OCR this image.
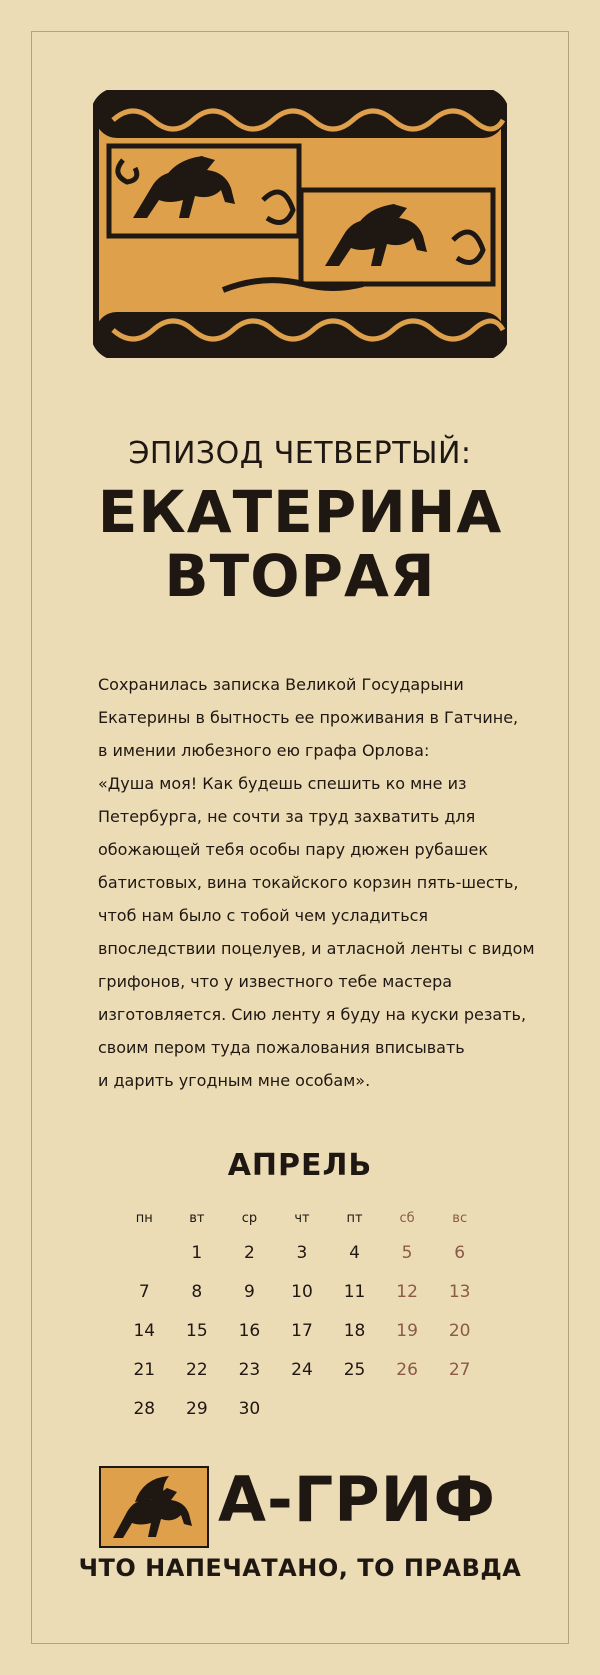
ЭПИЗОД ЧЕТВЕРТЫЙ:
ЕКАТЕРИНА
ВТОРАЯ
Сохранилась записка Великой Государыни
Екатерины в бытность ее проживания в Гатчине,
в имении любезного ею графа Орлова:
«Душа моя! Как будешь спешить ко мне из
Петербурга, не сочти за труд захватить для
обожающей тебя особы пару дюжен рубашек
батистовых, вина токайского корзин пять-шесть,
чтоб нам было с тобой чем усладиться
впоследствии поцелуев, и атласной ленты с видом
грифонов, что у известного тебе мастера
изготовляется. Сию ленту я буду на куски резать,
своим пером туда пожалования вписывать
и дарить угодным мне особам».
АПРЕЛЬ
пн	вт	ср	чт	пт	сб	вс
	1	2	3	4	5	6
7	8	9	10	11	12	13
14	15	16	17	18	19	20
21	22	23	24	25	26	27
28	29	30				
А-ГРИФ
ЧТО НАПЕЧАТАНО, ТО ПРАВДА
